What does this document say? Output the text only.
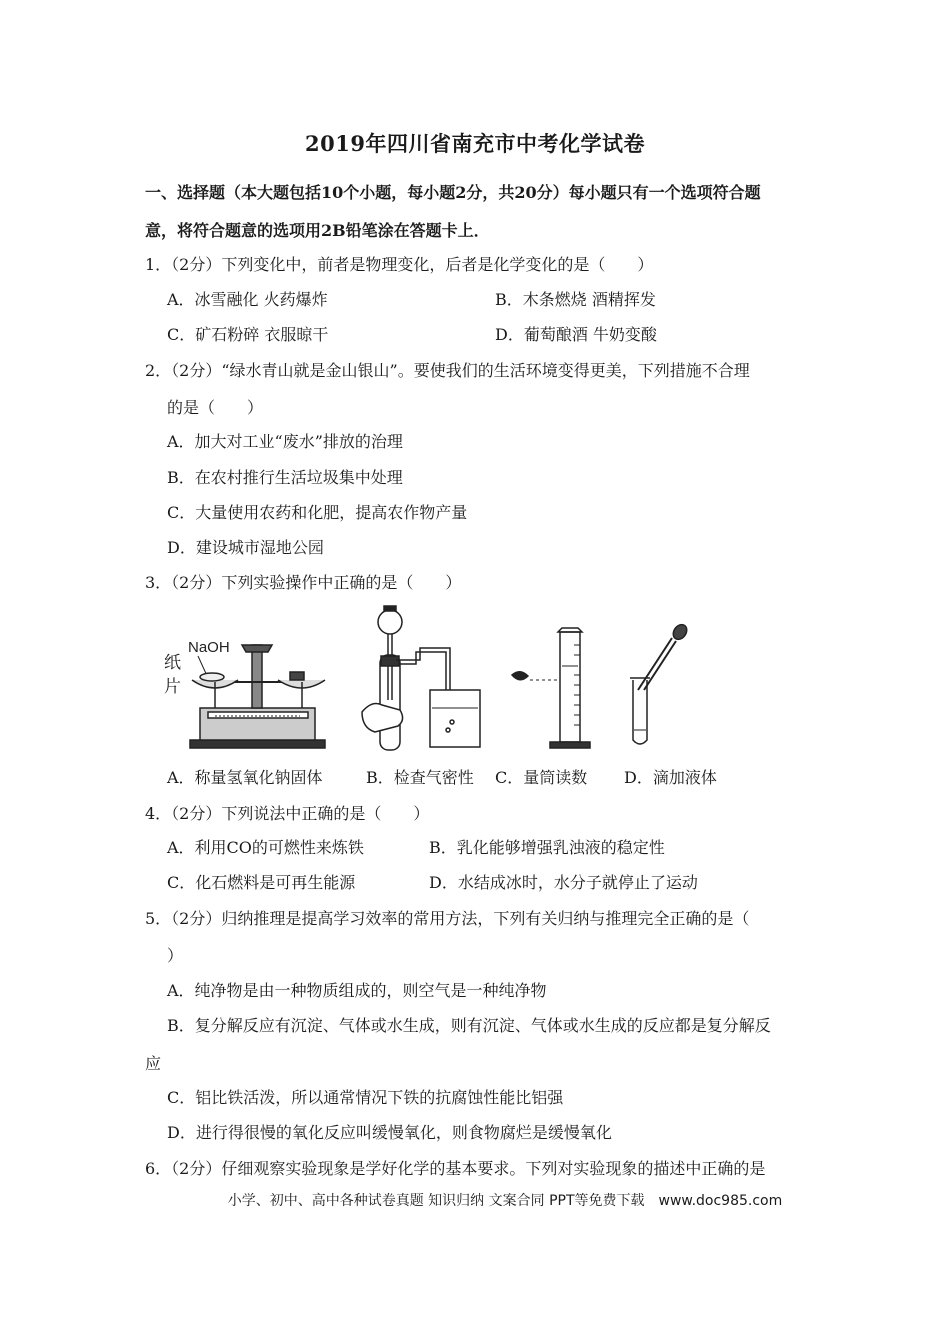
2019年四川省南充市中考化学试卷
一、选择题（本大题包括10个小题，每小题2分，共20分）每小题只有一个选项符合题
意，将符合题意的选项用2B铅笔涂在答题卡上．
1．（2分）下列变化中，前者是物理变化，后者是化学变化的是（　　）
A．冰雪融化 火药爆炸	B．木条燃烧 酒精挥发
C．矿石粉碎 衣服晾干	D．葡萄酿酒 牛奶变酸
2．（2分）“绿水青山就是金山银山”。要使我们的生活环境变得更美，下列措施不合理
的是（　　）
A．加大对工业“废水”排放的治理
B．在农村推行生活垃圾集中处理
C．大量使用农药和化肥，提高农作物产量
D．建设城市湿地公园
3．（2分）下列实验操作中正确的是（　　）
NaOH
纸
片
A．称量氢氧化钠固体	B．检查气密性 C．量筒读数 D．滴加液体
4．（2分）下列说法中正确的是（　　）
A．利用CO的可燃性来炼铁	B．乳化能够增强乳浊液的稳定性
C．化石燃料是可再生能源	D．水结成冰时，水分子就停止了运动
5．（2分）归纳推理是提高学习效率的常用方法，下列有关归纳与推理完全正确的是（
）
A．纯净物是由一种物质组成的，则空气是一种纯净物
B．复分解反应有沉淀、气体或水生成，则有沉淀、气体或水生成的反应都是复分解反
应
C．铝比铁活泼，所以通常情况下铁的抗腐蚀性能比铝强
D．进行得很慢的氧化反应叫缓慢氧化，则食物腐烂是缓慢氧化
6．（2分）仔细观察实验现象是学好化学的基本要求。下列对实验现象的描述中正确的是
小学、初中、高中各种试卷真题 知识归纳 文案合同 PPT等免费下载　www.doc985.com
